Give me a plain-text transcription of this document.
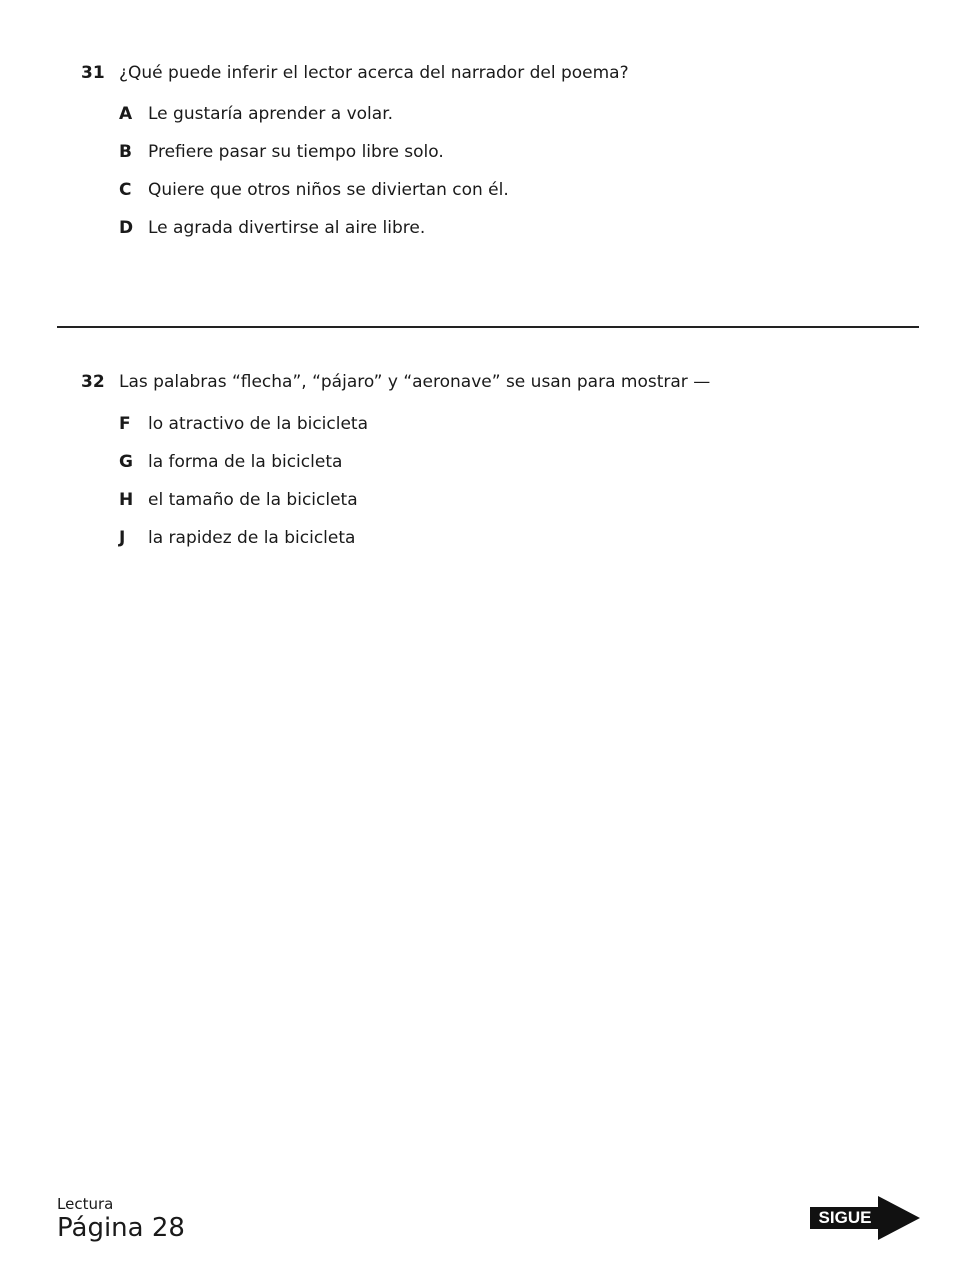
31 ¿Qué puede inferir el lector acerca del narrador del poema?
A Le gustaría aprender a volar.
B Prefiere pasar su tiempo libre solo.
C Quiere que otros niños se diviertan con él.
D Le agrada divertirse al aire libre.
32 Las palabras “flecha”, “pájaro” y “aeronave” se usan para mostrar —
F	lo atractivo de la bicicleta
G la forma de la bicicleta
H el tamaño de la bicicleta
J	la rapidez de la bicicleta
Lectura
Página 28	SIGUE
